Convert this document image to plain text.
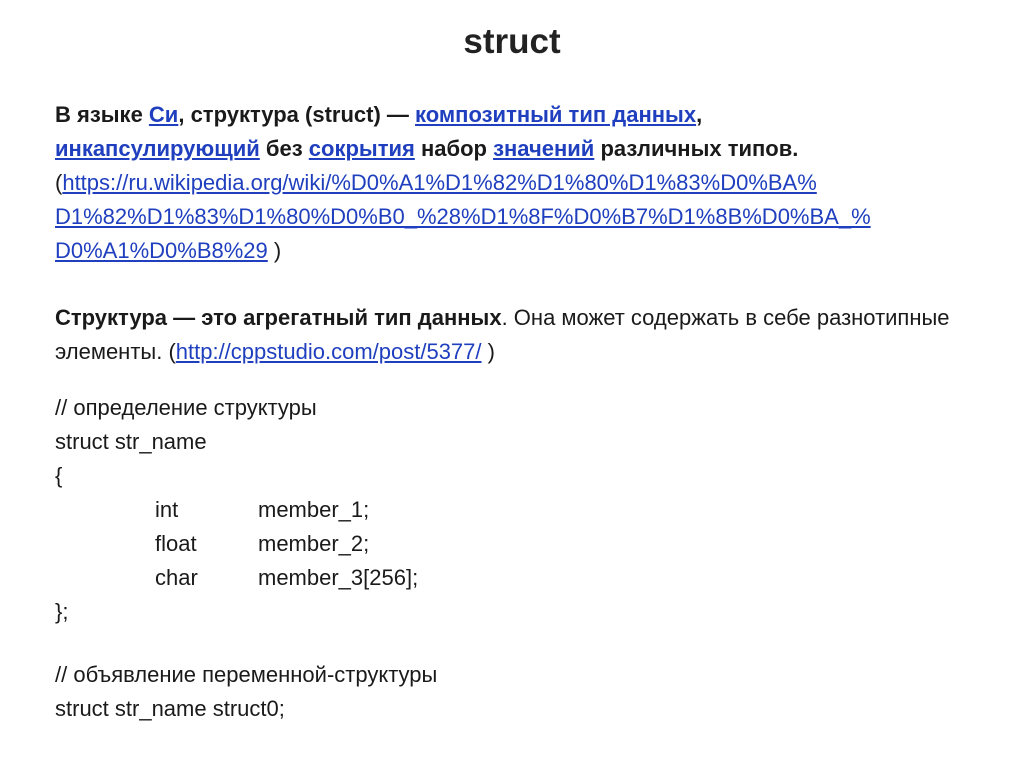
struct
В языке Си, структура (struct) — композитный тип данных,
инкапсулирующий без сокрытия набор значений различных типов.
(https://ru.wikipedia.org/wiki/%D0%A1%D1%82%D1%80%D1%83%D0%BA%
D1%82%D1%83%D1%80%D0%B0_%28%D1%8F%D0%B7%D1%8B%D0%BA_%
D0%A1%D0%B8%29 )
Структура — это агрегатный тип данных. Она может содержать в себе разнотипные элементы. (http://cppstudio.com/post/5377/ )
// определение структуры
struct str_name
{
int	member_1;
float	member_2;
char	member_3[256];
};
// объявление переменной-структуры
struct str_name struct0;
